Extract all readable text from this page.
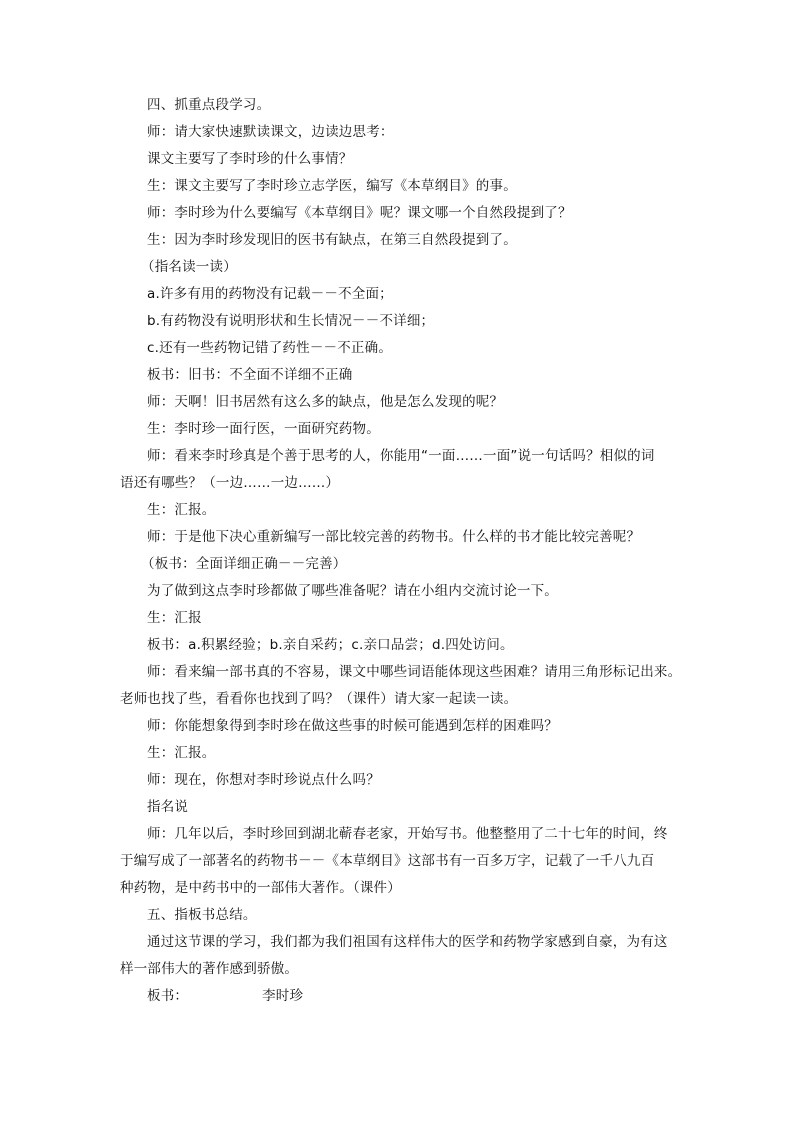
四、抓重点段学习。
师：请大家快速默读课文，边读边思考：
课文主要写了李时珍的什么事情？
生：课文主要写了李时珍立志学医，编写《本草纲目》的事。
师：李时珍为什么要编写《本草纲目》呢？课文哪一个自然段提到了？
生：因为李时珍发现旧的医书有缺点，在第三自然段提到了。
（指名读一读）
a.许多有用的药物没有记载－－不全面；
b.有药物没有说明形状和生长情况－－不详细；
c.还有一些药物记错了药性－－不正确。
板书：旧书：不全面不详细不正确
师：天啊！旧书居然有这么多的缺点，他是怎么发现的呢？
生：李时珍一面行医，一面研究药物。
师：看来李时珍真是个善于思考的人，你能用“一面……一面”说一句话吗？相似的词
语还有哪些？（一边……一边……）
生：汇报。
师：于是他下决心重新编写一部比较完善的药物书。什么样的书才能比较完善呢？
（板书：全面详细正确－－完善）
为了做到这点李时珍都做了哪些准备呢？请在小组内交流讨论一下。
生：汇报
板书：a.积累经验；b.亲自采药；c.亲口品尝；d.四处访问。
师：看来编一部书真的不容易，课文中哪些词语能体现这些困难？请用三角形标记出来。
老师也找了些，看看你也找到了吗？（课件）请大家一起读一读。
师：你能想象得到李时珍在做这些事的时候可能遇到怎样的困难吗？
生：汇报。
师：现在，你想对李时珍说点什么吗？
指名说
师：几年以后，李时珍回到湖北蕲春老家，开始写书。他整整用了二十七年的时间，终
于编写成了一部著名的药物书－－《本草纲目》这部书有一百多万字，记载了一千八九百
种药物，是中药书中的一部伟大著作。（课件）
五、指板书总结。
通过这节课的学习，我们都为我们祖国有这样伟大的医学和药物学家感到自豪，为有这
样一部伟大的著作感到骄傲。
板书：	李时珍
